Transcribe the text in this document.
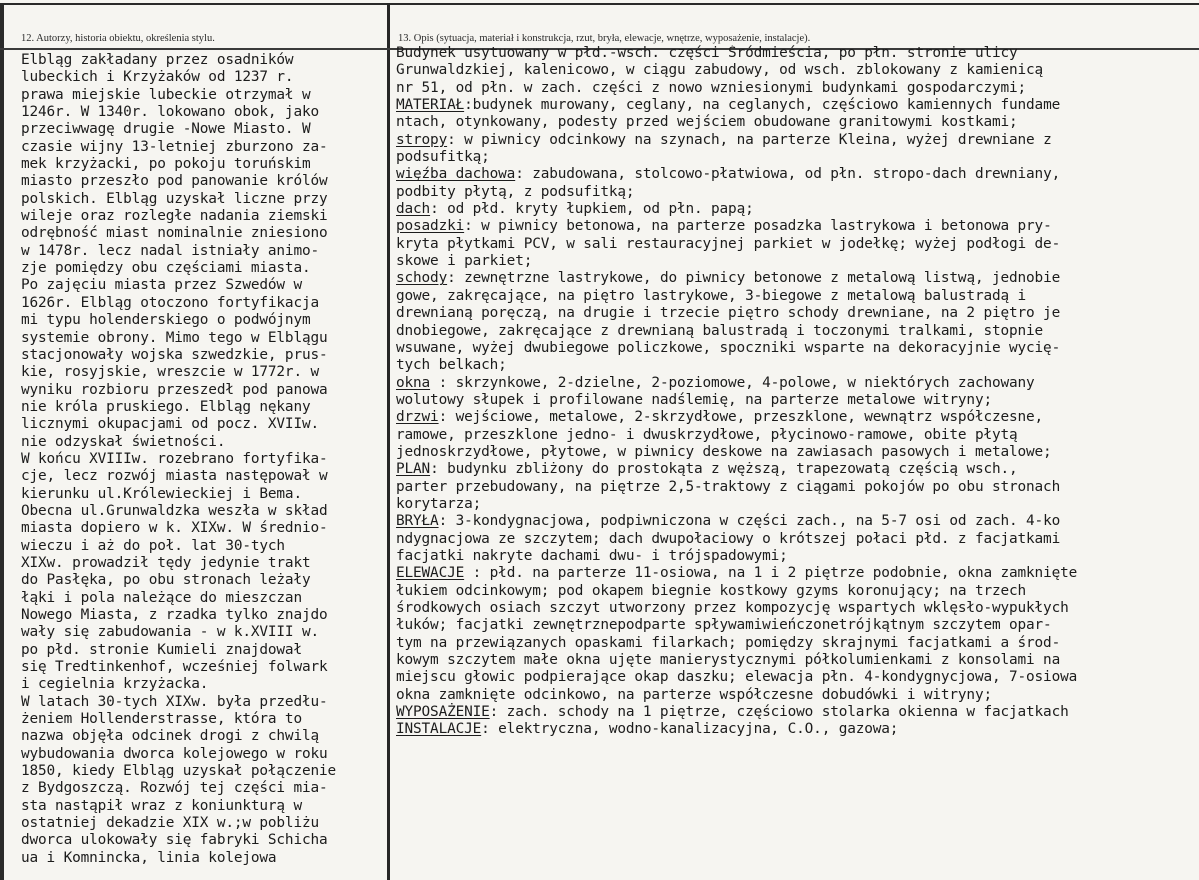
12. Autorzy, historia obiektu, określenia stylu.	13. Opis (sytuacja, materiał i konstrukcja, rzut, bryła, elewacje, wnętrze, wyposażenie, instalacje).
Elbląg zakładany przez osadników
lubeckich i Krzyżaków od 1237 r.
prawa miejskie lubeckie otrzymał w
1246r. W 1340r. lokowano obok, jako
przeciwwagę drugie -Nowe Miasto. W
czasie wijny 13-letniej zburzono za-
mek krzyżacki, po pokoju toruńskim
miasto przeszło pod panowanie królów
polskich. Elbląg uzyskał liczne przy
wileje oraz rozległe nadania ziemski
odrębność miast nominalnie zniesiono
w 1478r. lecz nadal istniały animo-
zje pomiędzy obu częściami miasta.
Po zajęciu miasta przez Szwedów w
1626r. Elbląg otoczono fortyfikacja
mi typu holenderskiego o podwójnym
systemie obrony. Mimo tego w Elblągu
stacjonowały wojska szwedzkie, prus-
kie, rosyjskie, wreszcie w 1772r. w
wyniku rozbioru przeszedł pod panowa
nie króla pruskiego. Elbląg nękany
licznymi okupacjami od pocz. XVIIw.
nie odzyskał świetności.
W końcu XVIIIw. rozebrano fortyfika-
cje, lecz rozwój miasta następował w
kierunku ul.Królewieckiej i Bema.
Obecna ul.Grunwaldzka weszła w skład
miasta dopiero w k. XIXw. W średnio-
wieczu i aż do poł. lat 30-tych
XIXw. prowadził tędy jedynie trakt
do Pasłęka, po obu stronach leżały
łąki i pola należące do mieszczan
Nowego Miasta, z rzadka tylko znajdo
wały się zabudowania - w k.XVIII w.
po płd. stronie Kumieli znajdował
się Tredtinkenhof, wcześniej folwark
i cegielnia krzyżacka.
W latach 30-tych XIXw. była przedłu-
żeniem Hollenderstrasse, która to
nazwa objęła odcinek drogi z chwilą
wybudowania dworca kolejowego w roku
1850, kiedy Elbląg uzyskał połączenie
z Bydgoszczą. Rozwój tej części mia-
sta nastąpił wraz z koniunkturą w
ostatniej dekadzie XIX w.;w pobliżu
dworca ulokowały się fabryki Schicha
ua i Komnincka, linia kolejowa
Budynek usytuowany w płd.-wsch. części Śródmieścia, po płn. stronie ulicy
Grunwaldzkiej, kalenicowo, w ciągu zabudowy, od wsch. zblokowany z kamienicą
nr 51, od płn. w zach. części z nowo wzniesionymi budynkami gospodarczymi;
MATERIAŁ:budynek murowany, ceglany, na ceglanych, częściowo kamiennych fundame
ntach, otynkowany, podesty przed wejściem obudowane granitowymi kostkami;
stropy: w piwnicy odcinkowy na szynach, na parterze Kleina, wyżej drewniane z
podsufitką;
więźba dachowa: zabudowana, stolcowo-płatwiowa, od płn. stropo-dach drewniany,
podbity płytą, z podsufitką;
dach: od płd. kryty łupkiem, od płn. papą;
posadzki: w piwnicy betonowa, na parterze posadzka lastrykowa i betonowa pry-
kryta płytkami PCV, w sali restauracyjnej parkiet w jodełkę; wyżej podłogi de-
skowe i parkiet;
schody: zewnętrzne lastrykowe, do piwnicy betonowe z metalową listwą, jednobie
gowe, zakręcające, na piętro lastrykowe, 3-biegowe z metalową balustradą i
drewnianą poręczą, na drugie i trzecie piętro schody drewniane, na 2 piętro je
dnobiegowe, zakręcające z drewnianą balustradą i toczonymi tralkami, stopnie
wsuwane, wyżej dwubiegowe policzkowe, spoczniki wsparte na dekoracyjnie wycię-
tych belkach;
okna : skrzynkowe, 2-dzielne, 2-poziomowe, 4-polowe, w niektórych zachowany
wolutowy słupek i profilowane nadślemię, na parterze metalowe witryny;
drzwi: wejściowe, metalowe, 2-skrzydłowe, przeszklone, wewnątrz współczesne,
ramowe, przeszklone jedno- i dwuskrzydłowe, płycinowo-ramowe, obite płytą
jednoskrzydłowe, płytowe, w piwnicy deskowe na zawiasach pasowych i metalowe;
PLAN: budynku zbliżony do prostokąta z węższą, trapezowatą częścią wsch.,
parter przebudowany, na piętrze 2,5-traktowy z ciągami pokojów po obu stronach
korytarza;
BRYŁA: 3-kondygnacjowa, podpiwniczona w części zach., na 5-7 osi od zach. 4-ko
ndygnacjowa ze szczytem; dach dwupołaciowy o krótszej połaci płd. z facjatkami
facjatki nakryte dachami dwu- i trójspadowymi;
ELEWACJE : płd. na parterze 11-osiowa, na 1 i 2 piętrze podobnie, okna zamknięte
łukiem odcinkowym; pod okapem biegnie kostkowy gzyms koronujący; na trzech
środkowych osiach szczyt utworzony przez kompozycję wspartych wklęsło-wypukłych
łuków; facjatki zewnętrznepodparte spływamiwieńczonetrójkątnym szczytem opar-
tym na przewiązanych opaskami filarkach; pomiędzy skrajnymi facjatkami a środ-
kowym szczytem małe okna ujęte manierystycznymi półkolumienkami z konsolami na
miejscu głowic podpierające okap daszku; elewacja płn. 4-kondygnycjowa, 7-osiowa
okna zamknięte odcinkowo, na parterze współczesne dobudówki i witryny;
WYPOSAŻENIE: zach. schody na 1 piętrze, częściowo stolarka okienna w facjatkach
INSTALACJE: elektryczna, wodno-kanalizacyjna, C.O., gazowa;
